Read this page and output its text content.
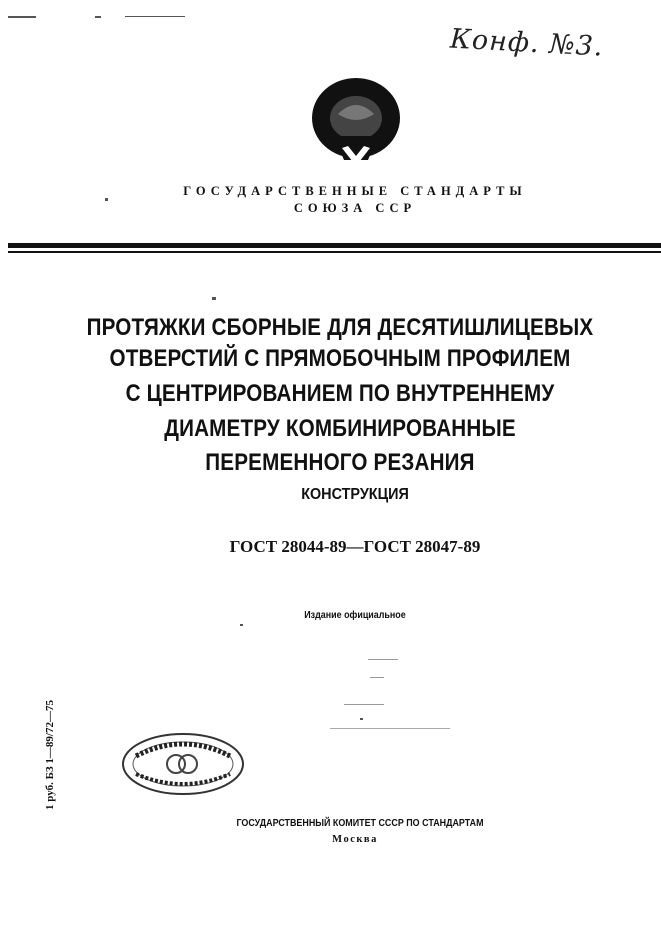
Конф. №3.
ГОСУДАРСТВЕННЫЕ СТАНДАРТЫ
СОЮЗА ССР
ПРОТЯЖКИ СБОРНЫЕ ДЛЯ ДЕСЯТИШЛИЦЕВЫХ
ОТВЕРСТИЙ С ПРЯМОБОЧНЫМ ПРОФИЛЕМ
С ЦЕНТРИРОВАНИЕМ ПО ВНУТРЕННЕМУ
ДИАМЕТРУ КОМБИНИРОВАННЫЕ
ПЕРЕМЕННОГО РЕЗАНИЯ
КОНСТРУКЦИЯ
ГОСТ 28044-89—ГОСТ 28047-89
Издание официальное
1 руб. БЗ 1—89/72—75
ГОСУДАРСТВЕННЫЙ КОМИТЕТ СССР ПО СТАНДАРТАМ
Москва
